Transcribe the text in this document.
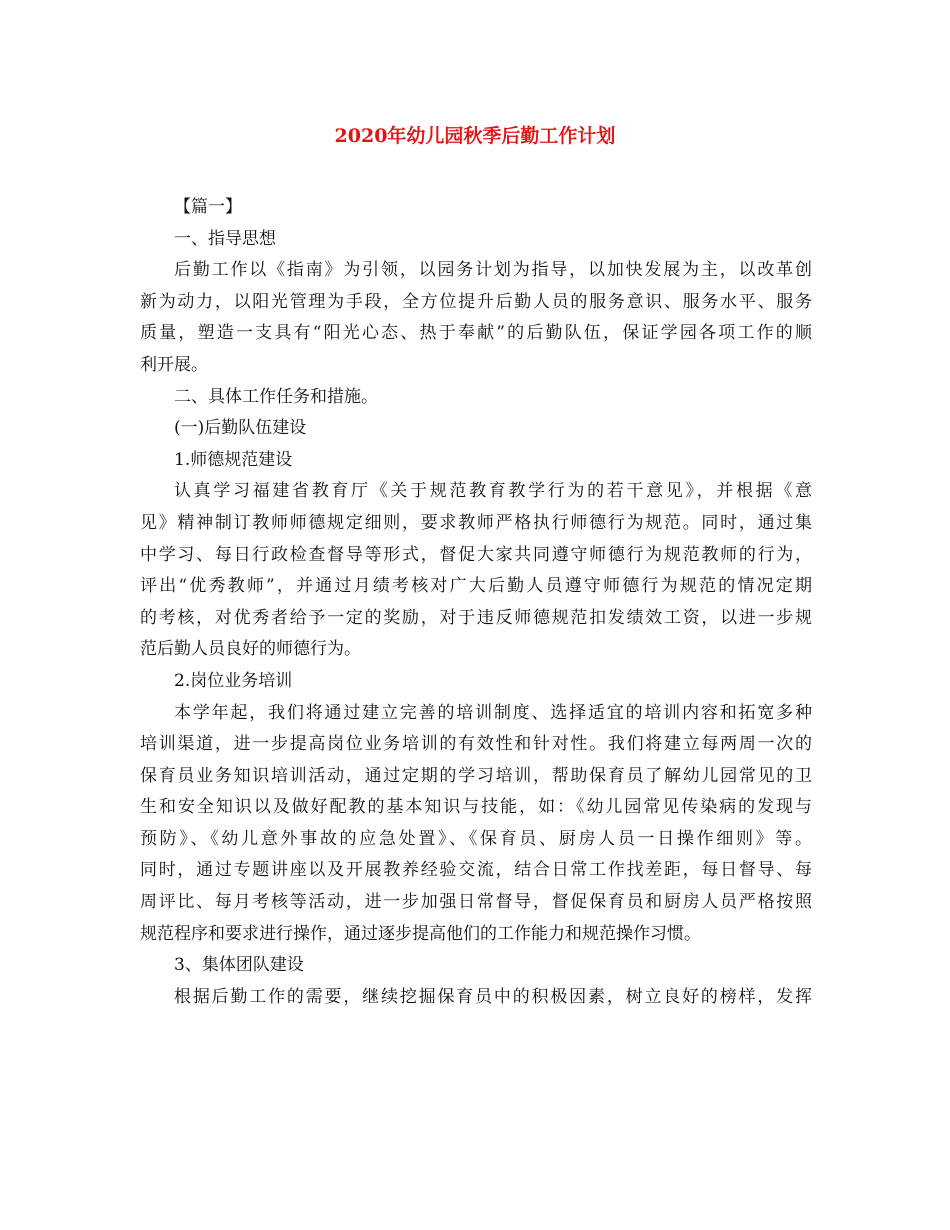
2020年幼儿园秋季后勤工作计划

【篇一】

一、指导思想

后勤工作以《指南》为引领，以园务计划为指导，以加快发展为主，以改革创

新为动力，以阳光管理为手段，全方位提升后勤人员的服务意识、服务水平、服务

质量，塑造一支具有“阳光心态、热于奉献”的后勤队伍，保证学园各项工作的顺

利开展。

二、具体工作任务和措施。

(一)后勤队伍建设

1.师德规范建设

认真学习福建省教育厅《关于规范教育教学行为的若干意见》，并根据《意

见》精神制订教师师德规定细则，要求教师严格执行师德行为规范。同时，通过集

中学习、每日行政检查督导等形式，督促大家共同遵守师德行为规范教师的行为，

评出“优秀教师”，并通过月绩考核对广大后勤人员遵守师德行为规范的情况定期

的考核，对优秀者给予一定的奖励，对于违反师德规范扣发绩效工资，以进一步规

范后勤人员良好的师德行为。

2.岗位业务培训

本学年起，我们将通过建立完善的培训制度、选择适宜的培训内容和拓宽多种

培训渠道，进一步提高岗位业务培训的有效性和针对性。我们将建立每两周一次的

保育员业务知识培训活动，通过定期的学习培训，帮助保育员了解幼儿园常见的卫

生和安全知识以及做好配教的基本知识与技能，如：《幼儿园常见传染病的发现与

预防》、《幼儿意外事故的应急处置》、《保育员、厨房人员一日操作细则》等。

同时，通过专题讲座以及开展教养经验交流，结合日常工作找差距，每日督导、每

周评比、每月考核等活动，进一步加强日常督导，督促保育员和厨房人员严格按照

规范程序和要求进行操作，通过逐步提高他们的工作能力和规范操作习惯。

3、集体团队建设

根据后勤工作的需要，继续挖掘保育员中的积极因素，树立良好的榜样，发挥
